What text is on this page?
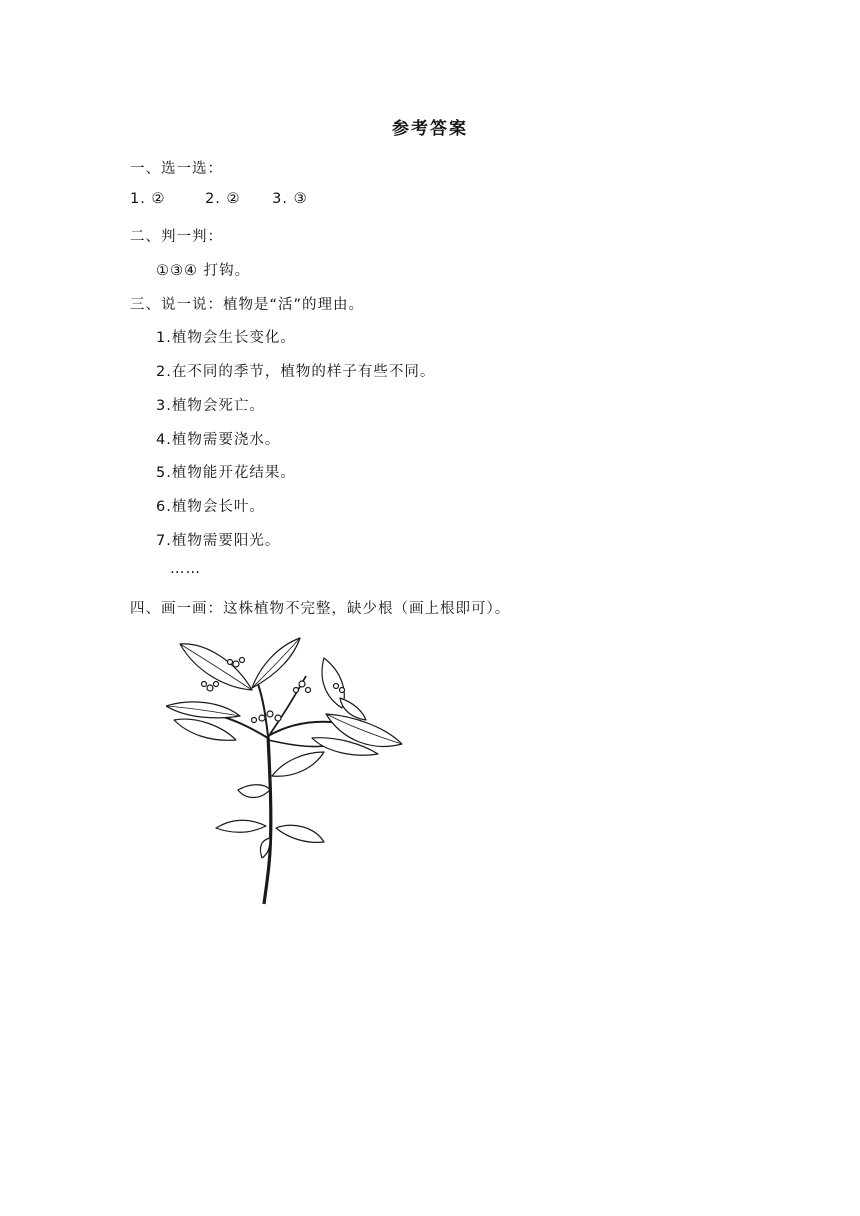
参考答案
一、选一选：
1. ②	2. ② 3. ③
二、判一判：
①③④ 打钩。
三、说一说：植物是“活”的理由。
1.植物会生长变化。
2.在不同的季节，植物的样子有些不同。
3.植物会死亡。
4.植物需要浇水。
5.植物能开花结果。
6.植物会长叶。
7.植物需要阳光。
……
四、画一画：这株植物不完整，缺少根（画上根即可）。
